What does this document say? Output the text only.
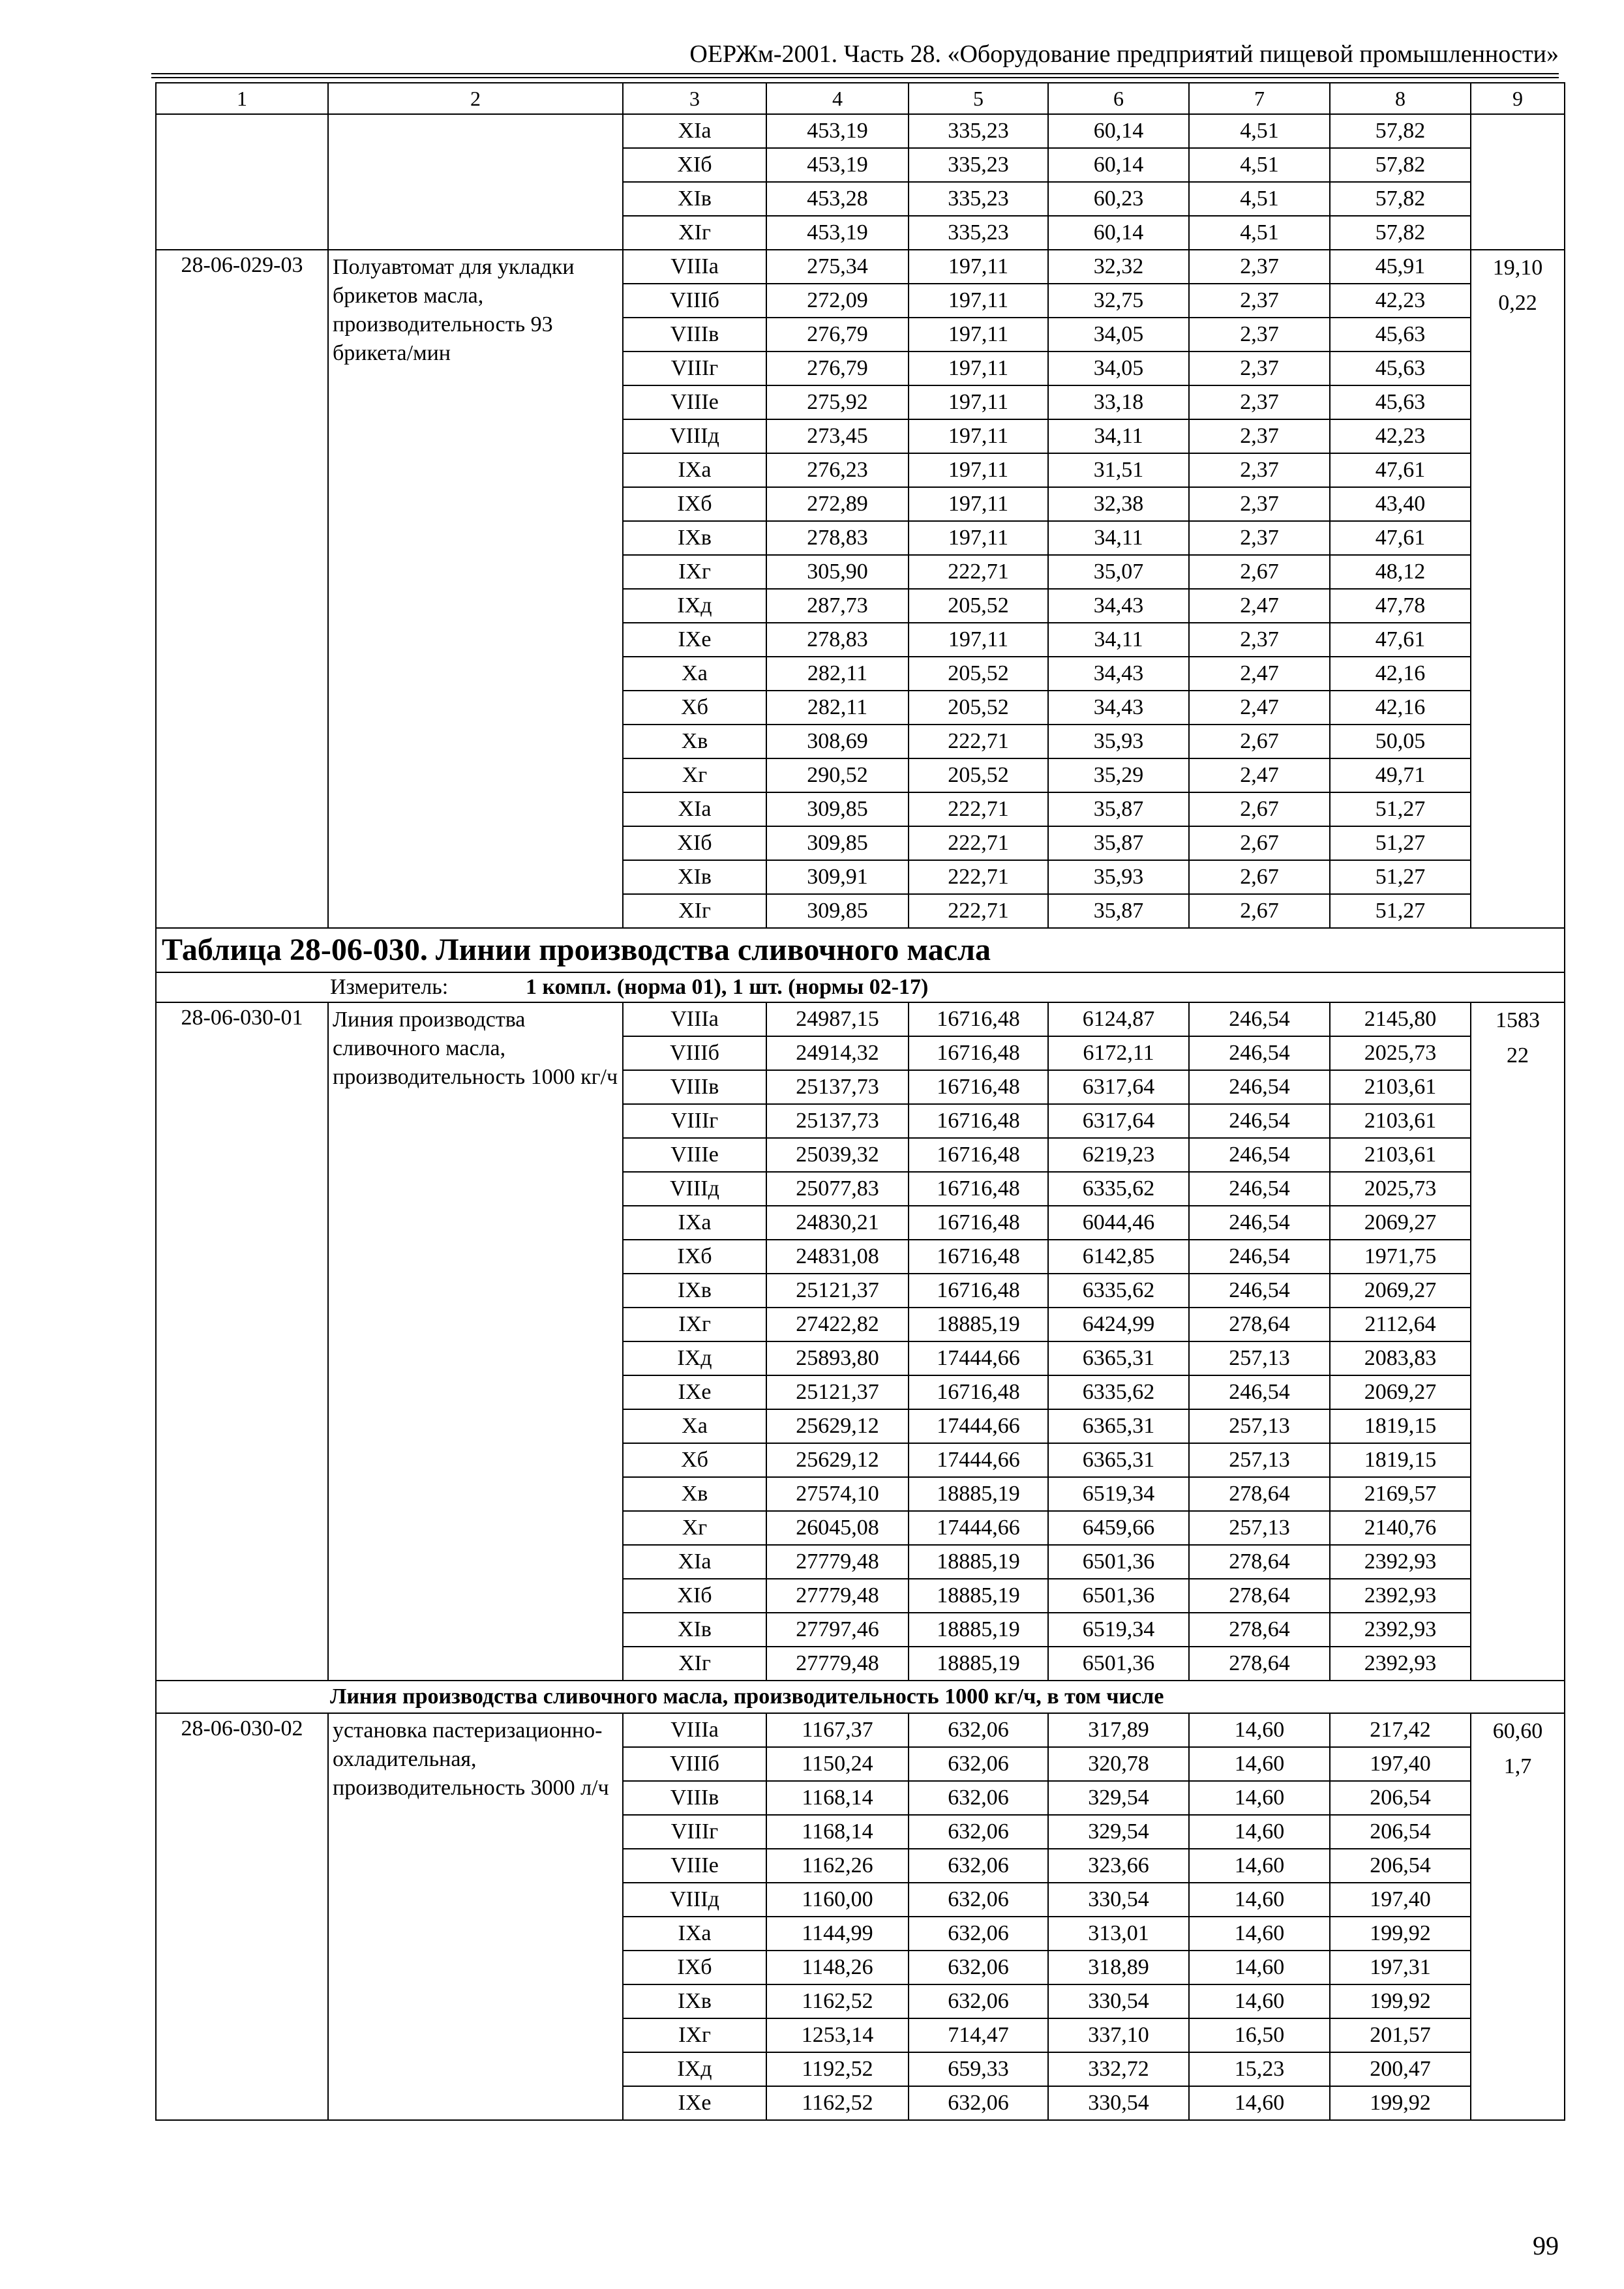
ОЕРЖм-2001. Часть 28. «Оборудование предприятий пищевой промышленности»
1	2	3	4	5	6	7	8	9
		XIа	453,19	335,23	60,14	4,51	57,82	
		XIб	453,19	335,23	60,14	4,51	57,82	
		XIв	453,28	335,23	60,23	4,51	57,82	
		XIг	453,19	335,23	60,14	4,51	57,82	
28-06-029-03	Полуавтомат для укладки брикетов масла, производительность 93 брикета/мин	VIIIа	275,34	197,11	32,32	2,37	45,91	19,10
0,22

		VIIIб	272,09	197,11	32,75	2,37	42,23	
		VIIIв	276,79	197,11	34,05	2,37	45,63	
		VIIIг	276,79	197,11	34,05	2,37	45,63	
		VIIIе	275,92	197,11	33,18	2,37	45,63	
		VIIIд	273,45	197,11	34,11	2,37	42,23	
		IXа	276,23	197,11	31,51	2,37	47,61	
		IXб	272,89	197,11	32,38	2,37	43,40	
		IXв	278,83	197,11	34,11	2,37	47,61	
		IXг	305,90	222,71	35,07	2,67	48,12	
		IXд	287,73	205,52	34,43	2,47	47,78	
		IXе	278,83	197,11	34,11	2,37	47,61	
		Xа	282,11	205,52	34,43	2,47	42,16	
		Xб	282,11	205,52	34,43	2,47	42,16	
		Xв	308,69	222,71	35,93	2,67	50,05	
		Xг	290,52	205,52	35,29	2,47	49,71	
		XIа	309,85	222,71	35,87	2,67	51,27	
		XIб	309,85	222,71	35,87	2,67	51,27	
		XIв	309,91	222,71	35,93	2,67	51,27	
		XIг	309,85	222,71	35,87	2,67	51,27	
Таблица 28-06-030. Линии производства сливочного масла								
Измеритель: 1 компл. (норма 01), 1 шт. (нормы 02-17)								
28-06-030-01	Линия производства сливочного масла, производительность 1000 кг/ч	VIIIа	24987,15	16716,48	6124,87	246,54	2145,80	1583
22

		VIIIб	24914,32	16716,48	6172,11	246,54	2025,73	
		VIIIв	25137,73	16716,48	6317,64	246,54	2103,61	
		VIIIг	25137,73	16716,48	6317,64	246,54	2103,61	
		VIIIе	25039,32	16716,48	6219,23	246,54	2103,61	
		VIIIд	25077,83	16716,48	6335,62	246,54	2025,73	
		IXа	24830,21	16716,48	6044,46	246,54	2069,27	
		IXб	24831,08	16716,48	6142,85	246,54	1971,75	
		IXв	25121,37	16716,48	6335,62	246,54	2069,27	
		IXг	27422,82	18885,19	6424,99	278,64	2112,64	
		IXд	25893,80	17444,66	6365,31	257,13	2083,83	
		IXе	25121,37	16716,48	6335,62	246,54	2069,27	
		Xа	25629,12	17444,66	6365,31	257,13	1819,15	
		Xб	25629,12	17444,66	6365,31	257,13	1819,15	
		Xв	27574,10	18885,19	6519,34	278,64	2169,57	
		Xг	26045,08	17444,66	6459,66	257,13	2140,76	
		XIа	27779,48	18885,19	6501,36	278,64	2392,93	
		XIб	27779,48	18885,19	6501,36	278,64	2392,93	
		XIв	27797,46	18885,19	6519,34	278,64	2392,93	
		XIг	27779,48	18885,19	6501,36	278,64	2392,93	
Линия производства сливочного масла, производительность 1000 кг/ч, в том числе								
28-06-030-02	установка пастеризационно-охладительная, производительность 3000 л/ч	VIIIа	1167,37	632,06	317,89	14,60	217,42	60,60
1,7

		VIIIб	1150,24	632,06	320,78	14,60	197,40	
		VIIIв	1168,14	632,06	329,54	14,60	206,54	
		VIIIг	1168,14	632,06	329,54	14,60	206,54	
		VIIIе	1162,26	632,06	323,66	14,60	206,54	
		VIIIд	1160,00	632,06	330,54	14,60	197,40	
		IXа	1144,99	632,06	313,01	14,60	199,92	
		IXб	1148,26	632,06	318,89	14,60	197,31	
		IXв	1162,52	632,06	330,54	14,60	199,92	
		IXг	1253,14	714,47	337,10	16,50	201,57	
		IXд	1192,52	659,33	332,72	15,23	200,47	
		IXе	1162,52	632,06	330,54	14,60	199,92	
99
